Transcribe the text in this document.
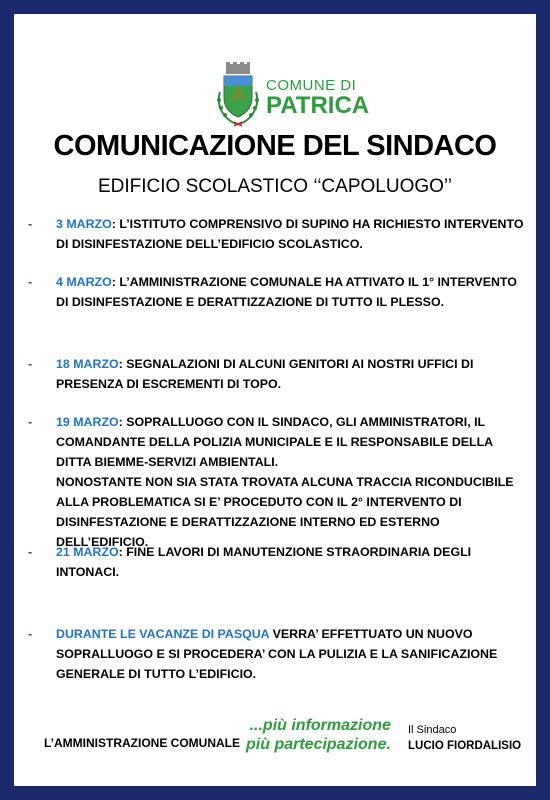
COMUNE DI
PATRICA
COMUNICAZIONE DEL SINDACO
EDIFICIO SCOLASTICO ‘‘CAPOLUOGO’’
- 3 MARZO: L’ISTITUTO COMPRENSIVO DI SUPINO HA RICHIESTO INTERVENTO DI DISINFESTAZIONE DELL’EDIFICIO SCOLASTICO.
- 4 MARZO: L’AMMINISTRAZIONE COMUNALE HA ATTIVATO IL 1° INTERVENTO DI DISINFESTAZIONE E DERATTIZZAZIONE DI TUTTO IL PLESSO.
- 18 MARZO: SEGNALAZIONI DI ALCUNI GENITORI AI NOSTRI UFFICI DI PRESENZA DI ESCREMENTI DI TOPO.
- 19 MARZO: SOPRALLUOGO CON IL SINDACO, GLI AMMINISTRATORI, IL COMANDANTE DELLA POLIZIA MUNICIPALE E IL RESPONSABILE DELLA DITTA BIEMME-SERVIZI AMBIENTALI.
NONOSTANTE NON SIA STATA TROVATA ALCUNA TRACCIA RICONDUCIBILE ALLA PROBLEMATICA SI E’ PROCEDUTO CON IL 2° INTERVENTO DI DISINFESTAZIONE E DERATTIZZAZIONE INTERNO ED ESTERNO DELL’EDIFICIO.
- 21 MARZO: FINE LAVORI DI MANUTENZIONE STRAORDINARIA DEGLI INTONACI.
- DURANTE LE VACANZE DI PASQUA VERRA’ EFFETTUATO UN NUOVO SOPRALLUOGO E SI PROCEDERA’ CON LA PULIZIA E LA SANIFICAZIONE GENERALE DI TUTTO L’EDIFICIO.
L’AMMINISTRAZIONE COMUNALE
...più informazione
più partecipazione.
Il Sindaco
LUCIO FIORDALISIO
